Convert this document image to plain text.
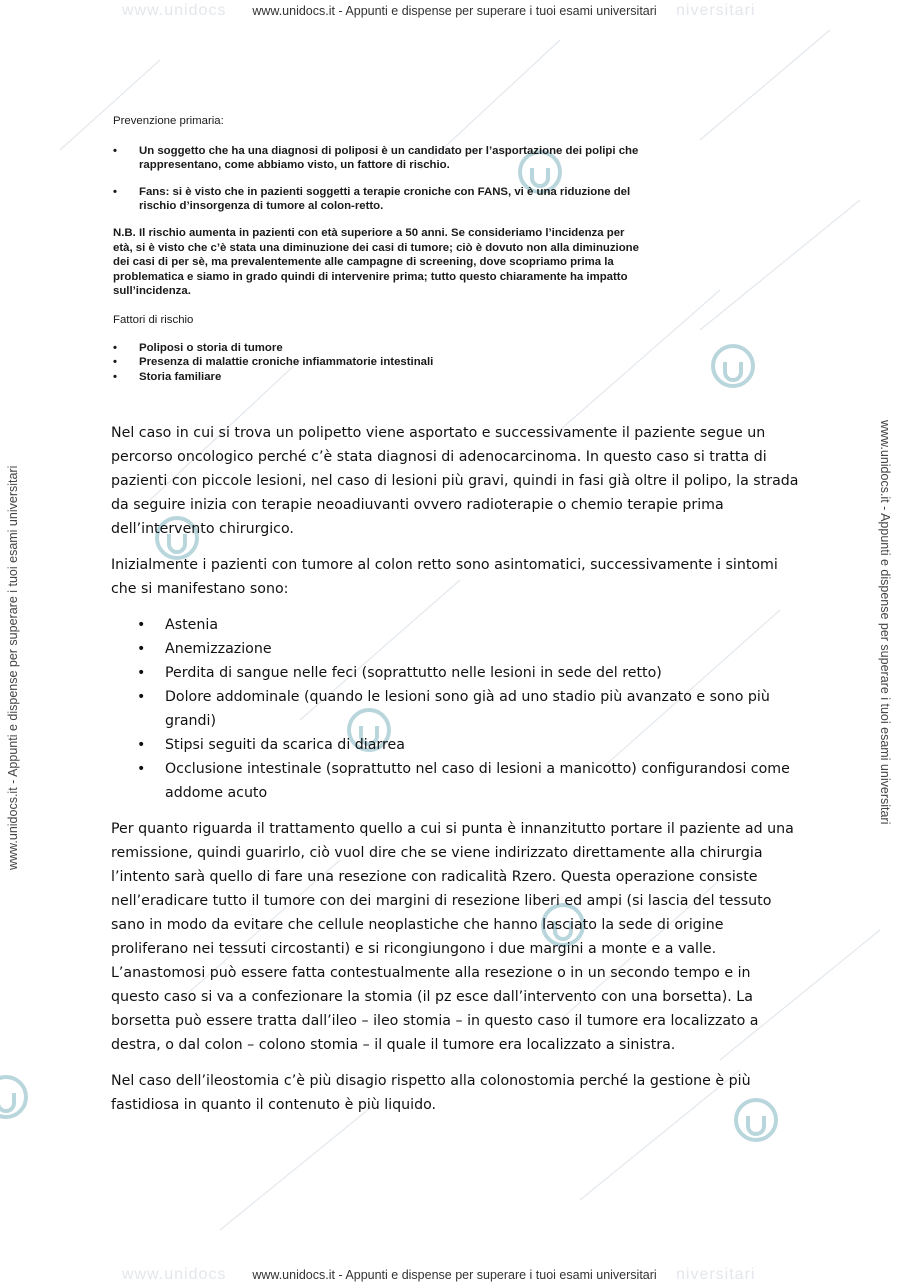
www.unidocs	niversitari
www.unidocs	niversitari
www.unidocs.it - Appunti e dispense per superare i tuoi esami universitari
www.unidocs.it - Appunti e dispense per superare i tuoi esami universitari
www.unidocs.it - Appunti e dispense per superare i tuoi esami universitari
www.unidocs.it - Appunti e dispense per superare i tuoi esami universitari

Prevenzione primaria:

• Un soggetto che ha una diagnosi di poliposi è un candidato per l’asportazione dei polipi che

rappresentano, come abbiamo visto, un fattore di rischio.

• Fans: si è visto che in pazienti soggetti a terapie croniche con FANS, vi è una riduzione del

rischio d’insorgenza di tumore al colon-retto.

N.B. Il rischio aumenta in pazienti con età superiore a 50 anni. Se consideriamo l’incidenza per

età, si è visto che c’è stata una diminuzione dei casi di tumore; ciò è dovuto non alla diminuzione

dei casi di per sè, ma prevalentemente alle campagne di screening, dove scopriamo prima la

problematica e siamo in grado quindi di intervenire prima; tutto questo chiaramente ha impatto

sull’incidenza.

Fattori di rischio

• Poliposi o storia di tumore

• Presenza di malattie croniche infiammatorie intestinali

• Storia familiare

Nel caso in cui si trova un polipetto viene asportato e successivamente il paziente segue un percorso oncologico perché c’è stata diagnosi di adenocarcinoma. In questo caso si tratta di pazienti con piccole lesioni, nel caso di lesioni più gravi, quindi in fasi già oltre il polipo, la strada da seguire inizia con terapie neoadiuvanti ovvero radioterapie o chemio terapie prima dell’intervento chirurgico.

Inizialmente i pazienti con tumore al colon retto sono asintomatici, successivamente i sintomi che si manifestano sono:

• Astenia
• Anemizzazione
• Perdita di sangue nelle feci (soprattutto nelle lesioni in sede del retto)
• Dolore addominale (quando le lesioni sono già ad uno stadio più avanzato e sono più grandi)
• Stipsi seguiti da scarica di diarrea
• Occlusione intestinale (soprattutto nel caso di lesioni a manicotto) configurandosi come addome acuto

Per quanto riguarda il trattamento quello a cui si punta è innanzitutto portare il paziente ad una remissione, quindi guarirlo, ciò vuol dire che se viene indirizzato direttamente alla chirurgia l’intento sarà quello di fare una resezione con radicalità Rzero. Questa operazione consiste nell’eradicare tutto il tumore con dei margini di resezione liberi ed ampi (si lascia del tessuto sano in modo da evitare che cellule neoplastiche che hanno lasciato la sede di origine proliferano nei tessuti circostanti) e si ricongiungono i due margini a monte e a valle. L’anastomosi può essere fatta contestualmente alla resezione o in un secondo tempo e in questo caso si va a confezionare la stomia (il pz esce dall’intervento con una borsetta). La borsetta può essere tratta dall’ileo – ileo stomia – in questo caso il tumore era localizzato a destra, o dal colon – colono stomia – il quale il tumore era localizzato a sinistra.

Nel caso dell’ileostomia c’è più disagio rispetto alla colonostomia perché la gestione è più fastidiosa in quanto il contenuto è più liquido.
